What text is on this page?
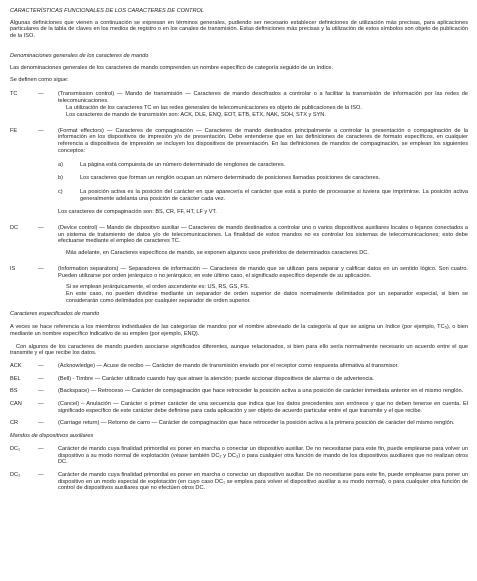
CARACTERÍSTICAS FUNCIONALES DE LOS CARACTERES DE CONTROL

Algunas definiciones que vienen a continuación se expresan en términos generales, pudiendo ser necesario establecer definiciones de utilización más precisas, para aplicaciones particulares de la tabla de claves en los medios de registro o en los canales de transmisión. Estas definiciones más precisas y la utilización de estos símbolos son objeto de publicación de la ISO.

Denominaciones generales de los caracteres de mando

Las denominaciones generales de los caracteres de mando comprenden un nombre específico de categoría seguido de un índice.

Se definen como sigue:

TC	—	(Transmission control) — Mando de transmisión — Caracteres de mando descifrados a controlar o a facilitar la transmisión de información por las redes de telecomunicaciones.
La utilización de los caracteres TC en las redes generales de telecomunicaciones es objeto de publicaciones de la ISO.
Los caracteres de mando de transmisión son: ACK, DLE, ENQ, EOT, ETB, ETX, NAK, SOH, STX y SYN.
FE	—	(Format effectors) — Caracteres de compaginación — Caracteres de mando destinados principalmente a controlar la presentación o compaginación de la información en los dispositivos de impresión y/o de presentación. Debe entenderse que en las definiciones de caracteres de formato específicos, en cualquier referencia a dispositivos de impresión se incluyen los dispositivos de presentación. En las definiciones de mandos de compaginación, se emplean los siguientes conceptos:
a)	La página está compuesta de un número determinado de renglones de caracteres.
b)	Los caracteres que forman un renglón ocupan un número determinado de posiciones llamadas posiciones de caracteres.
c)	La posición activa es la posición del carácter en que aparecería el carácter que está a punto de procesarse si tuviera que imprimirse. La posición activa generalmente adelanta una posición de carácter cada vez.
Los caracteres de compaginación son: BS, CR, FF, HT, LF y VT.
DC	—	(Device control) — Mando de dispositivo auxiliar — Caracteres de mando destinados a controlar uno o varios dispositivos auxiliares locales o lejanos conectados a un sistema de tratamiento de datos y/o de telecomunicaciones. La finalidad de estos mandos no es controlar los sistemas de telecomunicaciones; esto debe efectuarse mediante el empleo de caracteres TC.
Más adelante, en Caracteres específicos de mando, se exponen algunos usos preferidos de determinados caracteres DC.
IS	—	(Information separators) — Separadores de información — Caracteres de mando que se utilizan para separar y calificar datos en un sentido lógico. Son cuatro. Pueden utilizarse por orden jerárquico o no jerárquico; en este último caso, el significado específico depende de su aplicación.
Si se emplean jerárquicamente, el orden ascendente es: US, RS, GS, FS.
En este caso, no pueden dividirse mediante un separador de orden superior de datos normalmente delimitados por un separador especial, si bien se considerarán como delimitados por cualquier separador de orden superior.

Caracteres especificados de mando

A veces se hace referencia a los miembros individuales de las categorías de mandos por el nombre abreviado de la categoría al que se asigna un índice (por ejemplo, TC₅), o bien mediante un nombre específico indicativo de su empleo (por ejemplo, ENQ).

Con algunos de los caracteres de mando pueden asociarse significados diferentes, aunque relacionados, si bien para ello sería normalmente necesario un acuerdo entre el que transmite y el que recibe los datos.

ACK	—	(Acknowledge) — Acuse de recibo — Carácter de mando de transmisión enviado por el receptor como respuesta afirmativa al transmisor.
BEL	—	(Bell) - Timbre — Carácter utilizado cuando hay que atraer la atención; puede accionar dispositivos de alarma o de advertencia.
BS	—	(Backspace) — Retroceso — Carácter de compaginación que hace retroceder la posición activa a una posición de carácter inmediata anterior en el mismo renglón.
CAN	—	(Cancel) – Anulación — Carácter o primer carácter de una secuencia que indica que los datos precedentes son erróneos y que no deben tenerse en cuenta. El significado específico de este carácter debe definirse para cada aplicación y ser objeto de acuerdo particular entre el que transmite y el que recibe.
CR	—	(Carriage return) — Retorno de carro — Carácter de compaginación que hace retroceder la posición activa a la primera posición de carácter del mismo renglón.

Mandos de dispositivos auxiliares

DC₁	—	Carácter de mando cuya finalidad primordial es poner en marcha o conectar un dispositivo auxiliar. De no necesitarse para este fin, puede emplearse para volver un dispositivo a su modo normal de explotación (véase también DC₂ y DC₃) o para cualquier otra función de mando de los dispositivos auxiliares que no realizan otros DC.
DC₂	—	Carácter de mando cuya finalidad primordial es poner en marcha o conectar un dispositivo auxiliar. De no necesitarse para este fin, puede emplearse para poner un dispositivo en un modo especial de explotación (en cuyo caso DC₁ se emplea para volver el dispositivo auxiliar a su modo normal), o para cualquier otra función de control de dispositivos auxiliares que no efectúen otros DC.
